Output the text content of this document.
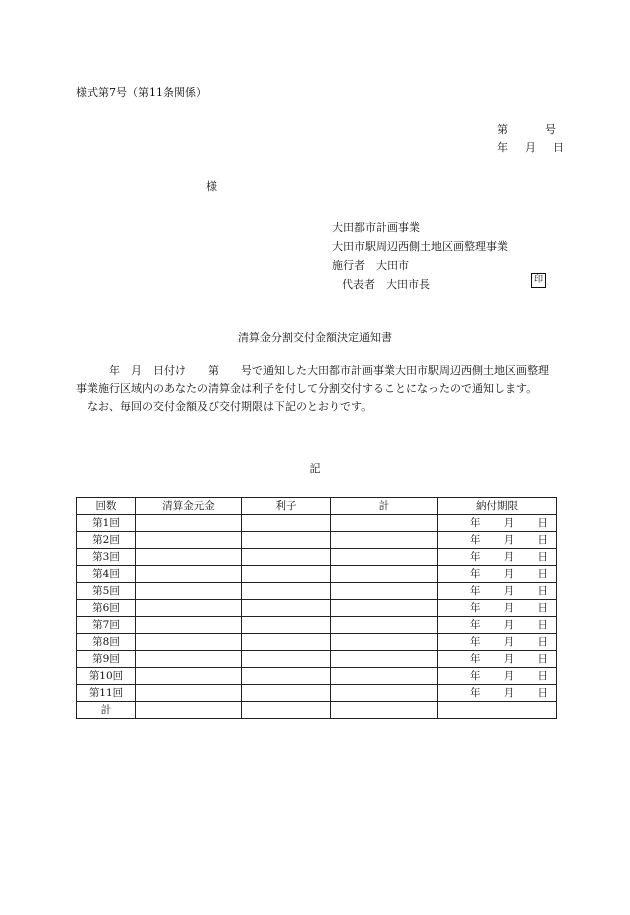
様式第7号（第11条関係）
第	号
年 月 日
様
大田都市計画事業
大田市駅周辺西側土地区画整理事業
施行者　大田市
代表者　大田市長	印
清算金分割交付金額決定通知書

　　　年　月　日付け　　第　　号で通知した大田都市計画事業大田市駅周辺西側土地区画整理事業施行区域内のあなたの清算金は利子を付して分割交付することになったので通知します。

　なお、毎回の交付金額及び交付期限は下記のとおりです。

記
回数	清算金元金	利子	計	納付期限
第1回				年 月 日

第2回				年 月 日

第3回				年 月 日

第4回				年 月 日

第5回				年 月 日

第6回				年 月 日

第7回				年 月 日

第8回				年 月 日

第9回				年 月 日

第10回				年 月 日

第11回				年 月 日

計				
